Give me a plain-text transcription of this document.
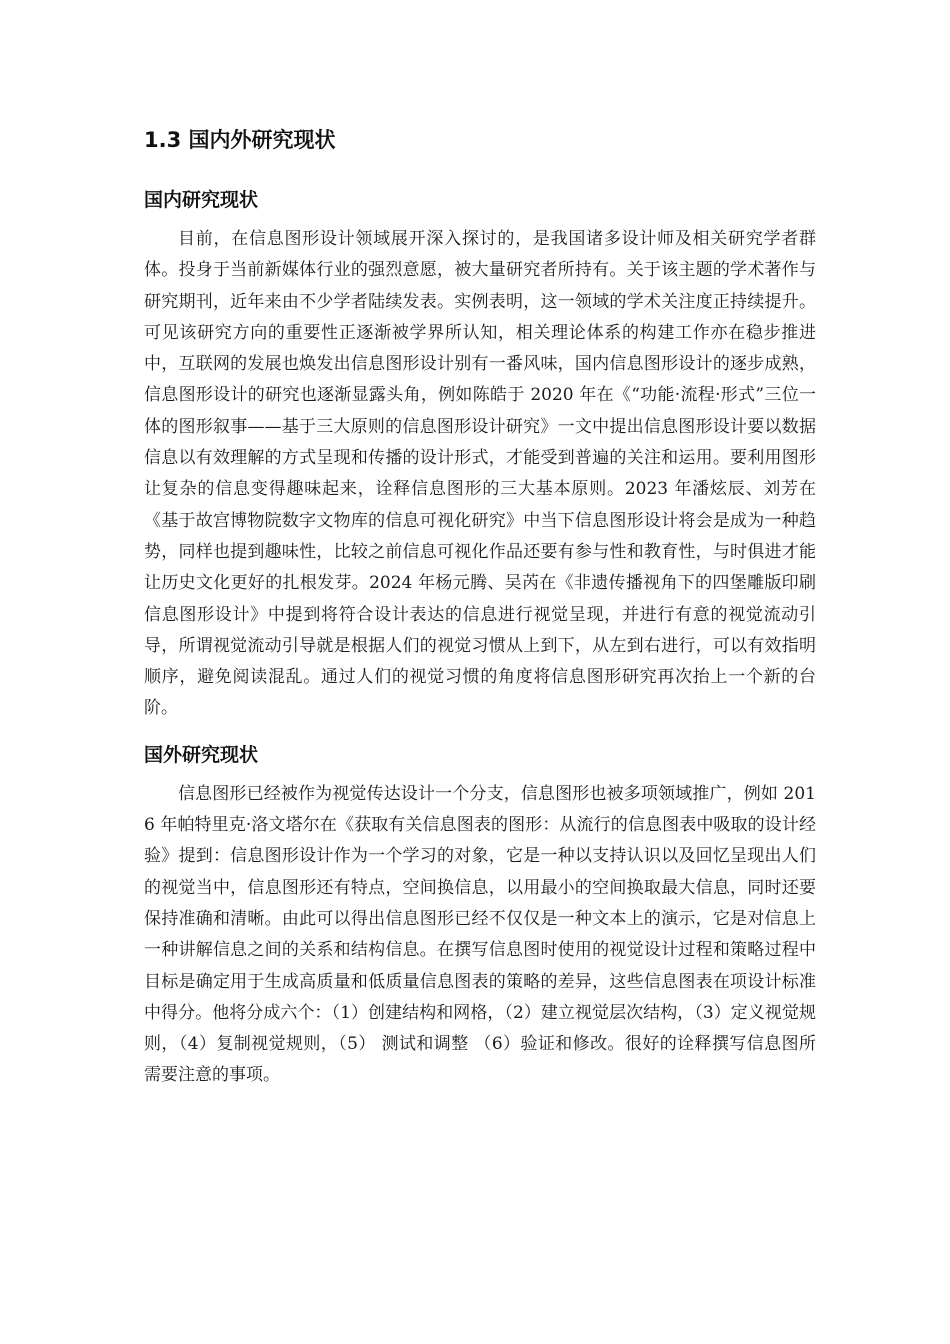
1.3 国内外研究现状
国内研究现状

目前，在信息图形设计领域展开深入探讨的，是我国诸多设计师及相关研究学者群体。投身于当前新媒体行业的强烈意愿，被大量研究者所持有。关于该主题的学术著作与研究期刊，近年来由不少学者陆续发表。实例表明，这一领域的学术关注度正持续提升。可见该研究方向的重要性正逐渐被学界所认知，相关理论体系的构建工作亦在稳步推进中，互联网的发展也焕发出信息图形设计别有一番风味，国内信息图形设计的逐步成熟，信息图形设计的研究也逐渐显露头角，例如陈皓于 2020 年在《“功能·流程·形式”三位一体的图形叙事——基于三大原则的信息图形设计研究》一文中提出信息图形设计要以数据信息以有效理解的方式呈现和传播的设计形式，才能受到普遍的关注和运用。要利用图形让复杂的信息变得趣味起来，诠释信息图形的三大基本原则。2023 年潘炫辰、刘芳在《基于故宫博物院数字文物库的信息可视化研究》中当下信息图形设计将会是成为一种趋势，同样也提到趣味性，比较之前信息可视化作品还要有参与性和教育性，与时俱进才能让历史文化更好的扎根发芽。2024 年杨元腾、吴芮在《非遗传播视角下的四堡雕版印刷信息图形设计》中提到将符合设计表达的信息进行视觉呈现，并进行有意的视觉流动引导，所谓视觉流动引导就是根据人们的视觉习惯从上到下，从左到右进行，可以有效指明顺序，避免阅读混乱。通过人们的视觉习惯的角度将信息图形研究再次抬上一个新的台阶。

国外研究现状

信息图形已经被作为视觉传达设计一个分支，信息图形也被多项领域推广，例如 2016 年帕特里克·洛文塔尔在《获取有关信息图表的图形：从流行的信息图表中吸取的设计经验》提到：信息图形设计作为一个学习的对象，它是一种以支持认识以及回忆呈现出人们的视觉当中，信息图形还有特点，空间换信息，以用最小的空间换取最大信息，同时还要保持准确和清晰。由此可以得出信息图形已经不仅仅是一种文本上的演示，它是对信息上一种讲解信息之间的关系和结构信息。在撰写信息图时使用的视觉设计过程和策略过程中目标是确定用于生成高质量和低质量信息图表的策略的差异，这些信息图表在项设计标准中得分。他将分成六个：（1）创建结构和网格，（2）建立视觉层次结构，（3）定义视觉规则，（4）复制视觉规则，（5） 测试和调整 （6）验证和修改。很好的诠释撰写信息图所需要注意的事项。
